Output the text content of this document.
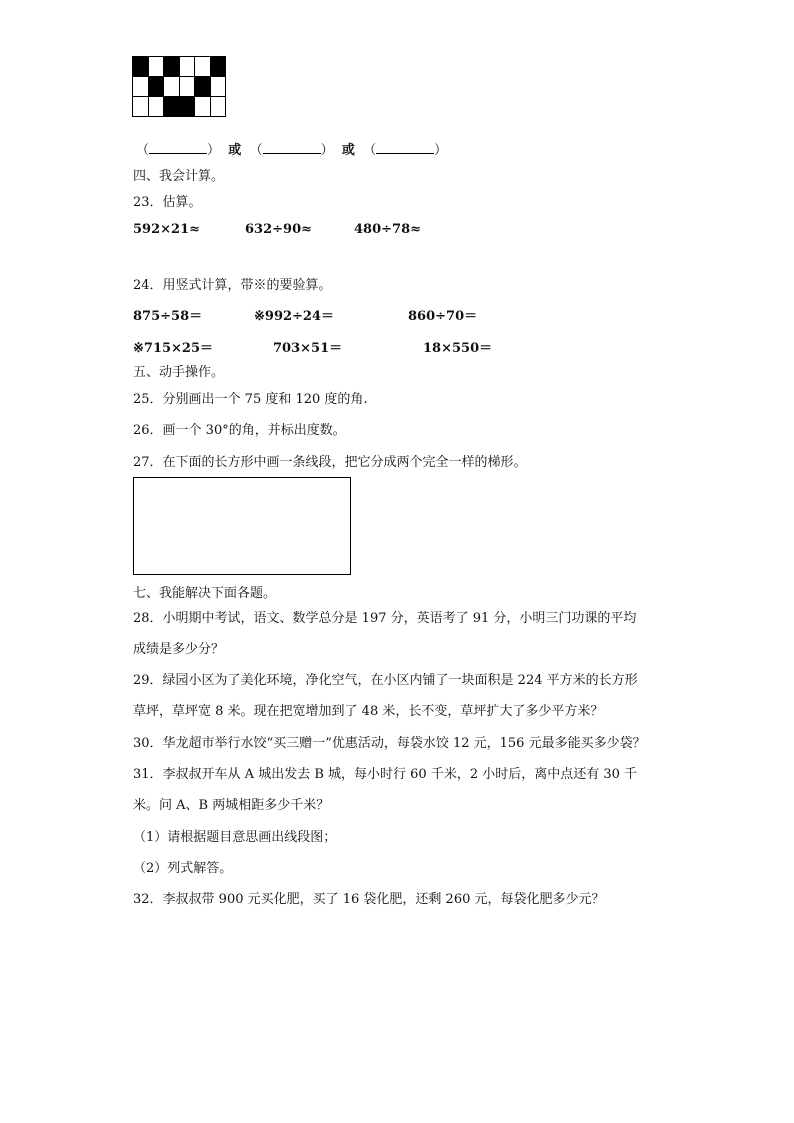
（	） 或 （	） 或 （	）
四、我会计算。
23．估算。
592×21≈	632÷90≈	480÷78≈
24．用竖式计算，带※的要验算。
875÷58＝	※992÷24＝	860÷70＝
※715×25＝	703×51＝	18×550＝
五、动手操作。
25．分别画出一个 75 度和 120 度的角.
26．画一个 30°的角，并标出度数。
27．在下面的长方形中画一条线段，把它分成两个完全一样的梯形。
七、我能解决下面各题。
28．小明期中考试，语文、数学总分是 197 分，英语考了 91 分，小明三门功课的平均
成绩是多少分？
29．绿园小区为了美化环境，净化空气，在小区内铺了一块面积是 224 平方米的长方形
草坪，草坪宽 8 米。现在把宽增加到了 48 米，长不变，草坪扩大了多少平方米？
30．华龙超市举行水饺“买三赠一”优惠活动，每袋水饺 12 元，156 元最多能买多少袋？
31．李叔叔开车从 A 城出发去 B 城，每小时行 60 千米，2 小时后，离中点还有 30 千
米。问 A、B 两城相距多少千米？
（1）请根据题目意思画出线段图；
（2）列式解答。
32．李叔叔带 900 元买化肥，买了 16 袋化肥，还剩 260 元，每袋化肥多少元？
